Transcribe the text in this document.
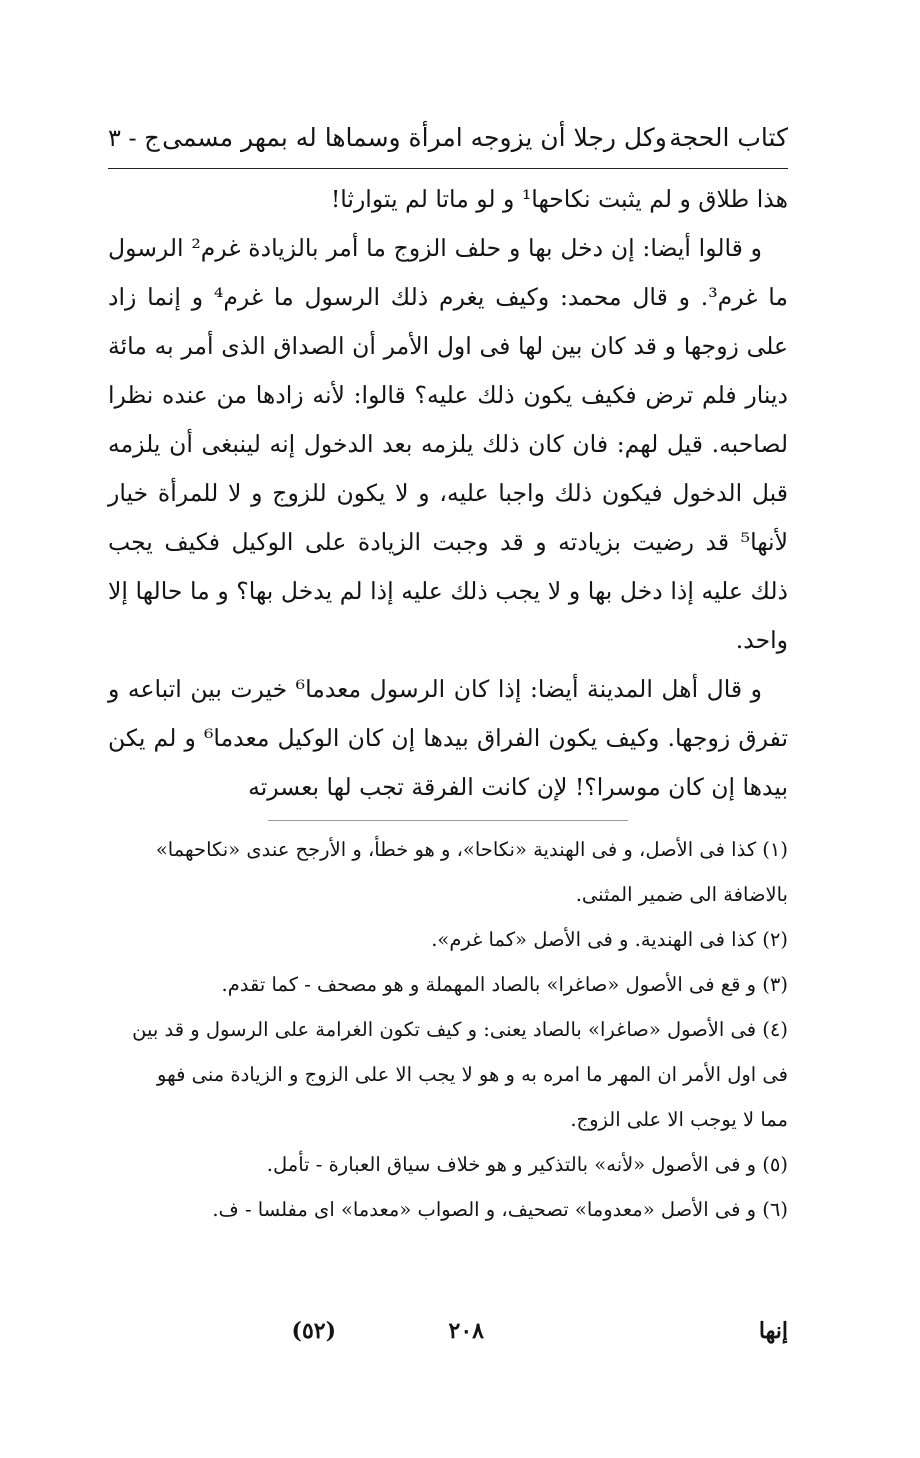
كتاب الحجة
وكل رجلا أن يزوجه امرأة وسماها له بمهر مسمى
ج - ٣

هذا طلاق و لم يثبت نكاحها¹ و لو ماتا لم يتوارثا!

و قالوا أيضا: إن دخل بها و حلف الزوج ما أمر بالزيادة غرم² الرسول ما غرم³. و قال محمد: وكيف يغرم ذلك الرسول ما غرم⁴ و إنما زاد على زوجها و قد كان بين لها فى اول الأمر أن الصداق الذى أمر به مائة دينار فلم ترض فكيف يكون ذلك عليه؟ قالوا: لأنه زادها من عنده نظرا لصاحبه. قيل لهم: فان كان ذلك يلزمه بعد الدخول إنه لينبغى أن يلزمه قبل الدخول فيكون ذلك واجبا عليه، و لا يكون للزوج و لا للمرأة خيار لأنها⁵ قد رضيت بزيادته و قد وجبت الزيادة على الوكيل فكيف يجب ذلك عليه إذا دخل بها و لا يجب ذلك عليه إذا لم يدخل بها؟ و ما حالها إلا واحد.

و قال أهل المدينة أيضا: إذا كان الرسول معدما⁶ خيرت بين اتباعه و تفرق زوجها. وكيف يكون الفراق بيدها إن كان الوكيل معدما⁶ و لم يكن بيدها إن كان موسرا؟! لإن كانت الفرقة تجب لها بعسرته

(١) كذا فى الأصل، و فى الهندية «نكاحا»، و هو خطأ، و الأرجح عندى «نكاحهما»

بالاضافة الى ضمير المثنى.

(٢) كذا فى الهندية. و فى الأصل «كما غرم».

(٣) و قع فى الأصول «صاغرا» بالصاد المهملة و هو مصحف - كما تقدم.

(٤) فى الأصول «صاغرا» بالصاد يعنى: و كيف تكون الغرامة على الرسول و قد بين

فى اول الأمر ان المهر ما امره به و هو لا يجب الا على الزوج و الزيادة منى فهو

مما لا يوجب الا على الزوج.

(٥) و فى الأصول «لأنه» بالتذكير و هو خلاف سياق العبارة - تأمل.

(٦) و فى الأصل «معدوما» تصحيف، و الصواب «معدما» اى مفلسا - ف.

إنها
(٥٢)	٢٠٨
